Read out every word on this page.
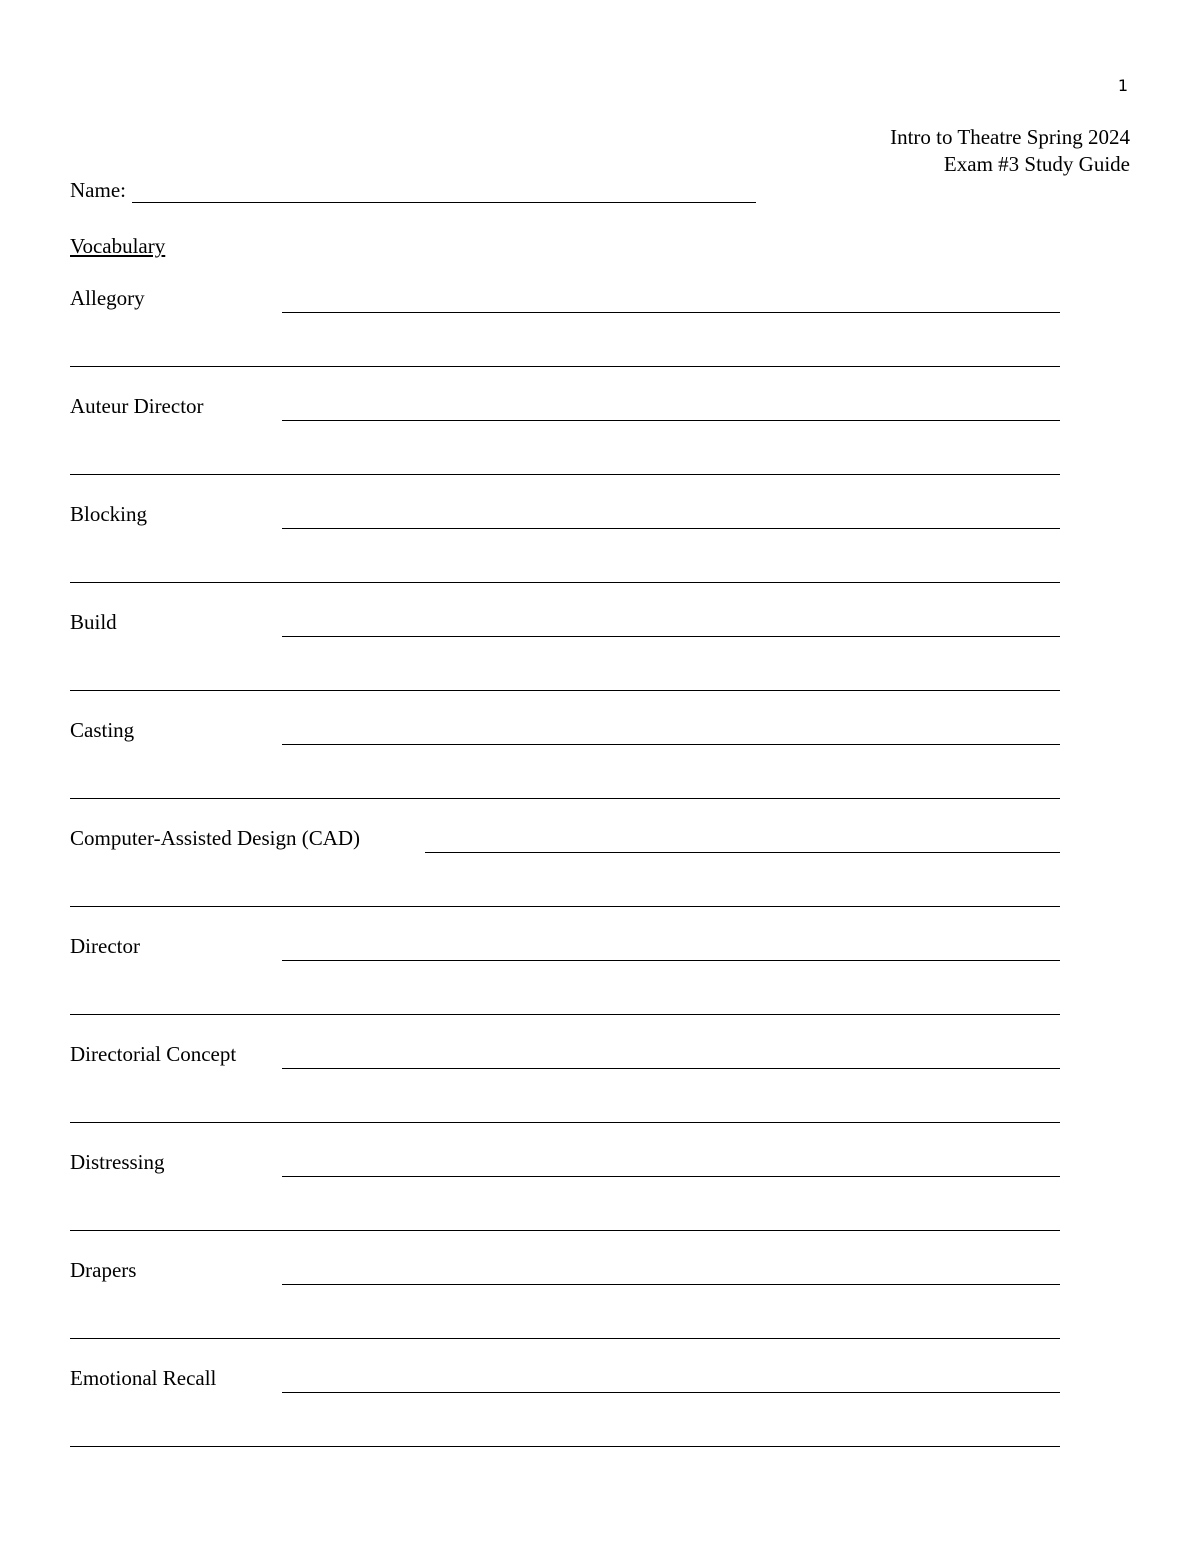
1
Intro to Theatre Spring 2024
Exam #3 Study Guide
Name:
Vocabulary
Allegory
Auteur Director
Blocking
Build
Casting
Computer-Assisted Design (CAD)
Director
Directorial Concept
Distressing
Drapers
Emotional Recall
